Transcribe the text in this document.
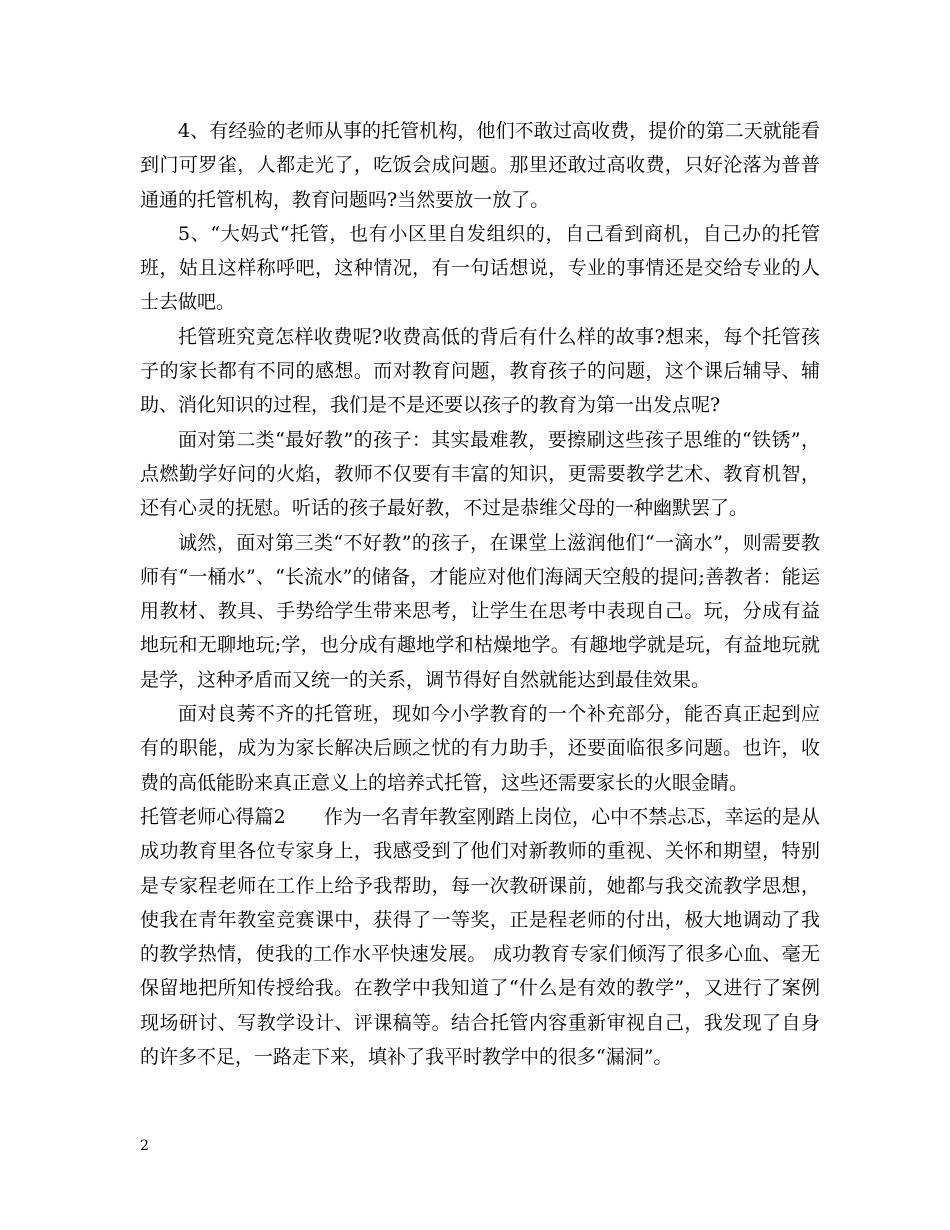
4、有经验的老师从事的托管机构，他们不敢过高收费，提价的第二天就能看到门可罗雀，人都走光了，吃饭会成问题。那里还敢过高收费，只好沦落为普普通通的托管机构，教育问题吗?当然要放一放了。

5、“大妈式“托管，也有小区里自发组织的，自己看到商机，自己办的托管班，姑且这样称呼吧，这种情况，有一句话想说，专业的事情还是交给专业的人士去做吧。

托管班究竟怎样收费呢?收费高低的背后有什么样的故事?想来，每个托管孩子的家长都有不同的感想。而对教育问题，教育孩子的问题，这个课后辅导、辅助、消化知识的过程，我们是不是还要以孩子的教育为第一出发点呢?

面对第二类“最好教”的孩子：其实最难教，要擦刷这些孩子思维的“铁锈”，点燃勤学好问的火焰，教师不仅要有丰富的知识，更需要教学艺术、教育机智，还有心灵的抚慰。听话的孩子最好教，不过是恭维父母的一种幽默罢了。

诚然，面对第三类“不好教”的孩子，在课堂上滋润他们“一滴水”，则需要教师有“一桶水”、“长流水”的储备，才能应对他们海阔天空般的提问;善教者：能运用教材、教具、手势给学生带来思考，让学生在思考中表现自己。玩，分成有益地玩和无聊地玩;学，也分成有趣地学和枯燥地学。有趣地学就是玩，有益地玩就是学，这种矛盾而又统一的关系，调节得好自然就能达到最佳效果。

面对良莠不齐的托管班，现如今小学教育的一个补充部分，能否真正起到应有的职能，成为为家长解决后顾之忧的有力助手，还要面临很多问题。也许，收费的高低能盼来真正意义上的培养式托管，这些还需要家长的火眼金睛。

托管老师心得篇2　　作为一名青年教室刚踏上岗位，心中不禁忐忑，幸运的是从成功教育里各位专家身上，我感受到了他们对新教师的重视、关怀和期望，特别是专家程老师在工作上给予我帮助，每一次教研课前，她都与我交流教学思想，使我在青年教室竞赛课中，获得了一等奖，正是程老师的付出，极大地调动了我的教学热情，使我的工作水平快速发展。 成功教育专家们倾泻了很多心血、毫无保留地把所知传授给我。在教学中我知道了“什么是有效的教学”，又进行了案例现场研讨、写教学设计、评课稿等。结合托管内容重新审视自己，我发现了自身的许多不足，一路走下来，填补了我平时教学中的很多“漏洞”。

2
